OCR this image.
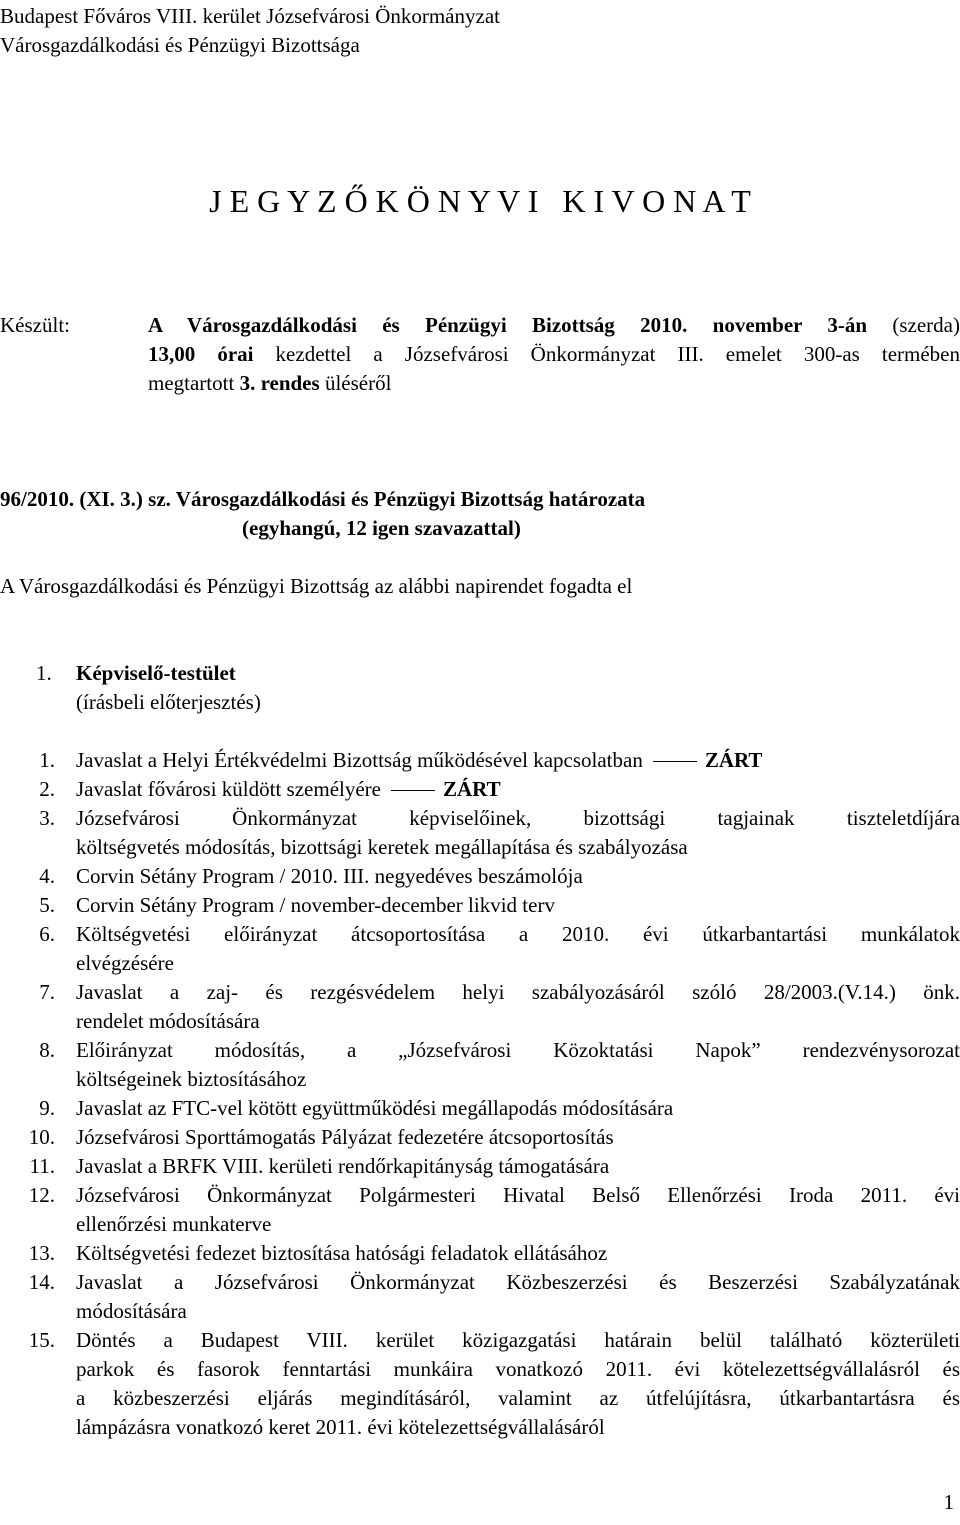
Budapest Főváros VIII. kerület Józsefvárosi Önkormányzat
Városgazdálkodási és Pénzügyi Bizottsága
J E G Y Z Ő K Ö N Y V I   K I V O N A T
Készült:	A Városgazdálkodási és Pénzügyi Bizottság 2010. november 3-án (szerda)
13,00 órai kezdettel a Józsefvárosi Önkormányzat III. emelet 300-as termében
megtartott 3. rendes üléséről
96/2010. (XI. 3.) sz. Városgazdálkodási és Pénzügyi Bizottság határozata
(egyhangú, 12 igen szavazattal)
A Városgazdálkodási és Pénzügyi Bizottság az alábbi napirendet fogadta el
1. Képviselő-testület
(írásbeli előterjesztés)
1. Javaslat a Helyi Értékvédelmi Bizottság működésével kapcsolatban	ZÁRT
2. Javaslat fővárosi küldött személyére	ZÁRT
3. Józsefvárosi Önkormányzat képviselőinek, bizottsági tagjainak tiszteletdíjára
költségvetés módosítás, bizottsági keretek megállapítása és szabályozása
4. Corvin Sétány Program / 2010. III. negyedéves beszámolója
5. Corvin Sétány Program / november-december likvid terv
6. Költségvetési előirányzat átcsoportosítása a 2010. évi útkarbantartási munkálatok
elvégzésére
7. Javaslat a zaj- és rezgésvédelem helyi szabályozásáról szóló 28/2003.(V.14.) önk.
rendelet módosítására
8. Előirányzat módosítás, a „Józsefvárosi Közoktatási Napok” rendezvénysorozat
költségeinek biztosításához
9. Javaslat az FTC-vel kötött együttműködési megállapodás módosítására
10. Józsefvárosi Sporttámogatás Pályázat fedezetére átcsoportosítás
11. Javaslat a BRFK VIII. kerületi rendőrkapitányság támogatására
12. Józsefvárosi Önkormányzat Polgármesteri Hivatal Belső Ellenőrzési Iroda 2011. évi
ellenőrzési munkaterve
13. Költségvetési fedezet biztosítása hatósági feladatok ellátásához
14. Javaslat a Józsefvárosi Önkormányzat Közbeszerzési és Beszerzési Szabályzatának
módosítására
15. Döntés a Budapest VIII. kerület közigazgatási határain belül található közterületi
parkok és fasorok fenntartási munkáira vonatkozó 2011. évi kötelezettségvállalásról és
a közbeszerzési eljárás megindításáról, valamint az útfelújításra, útkarbantartásra és
lámpázásra vonatkozó keret 2011. évi kötelezettségvállalásáról
1
